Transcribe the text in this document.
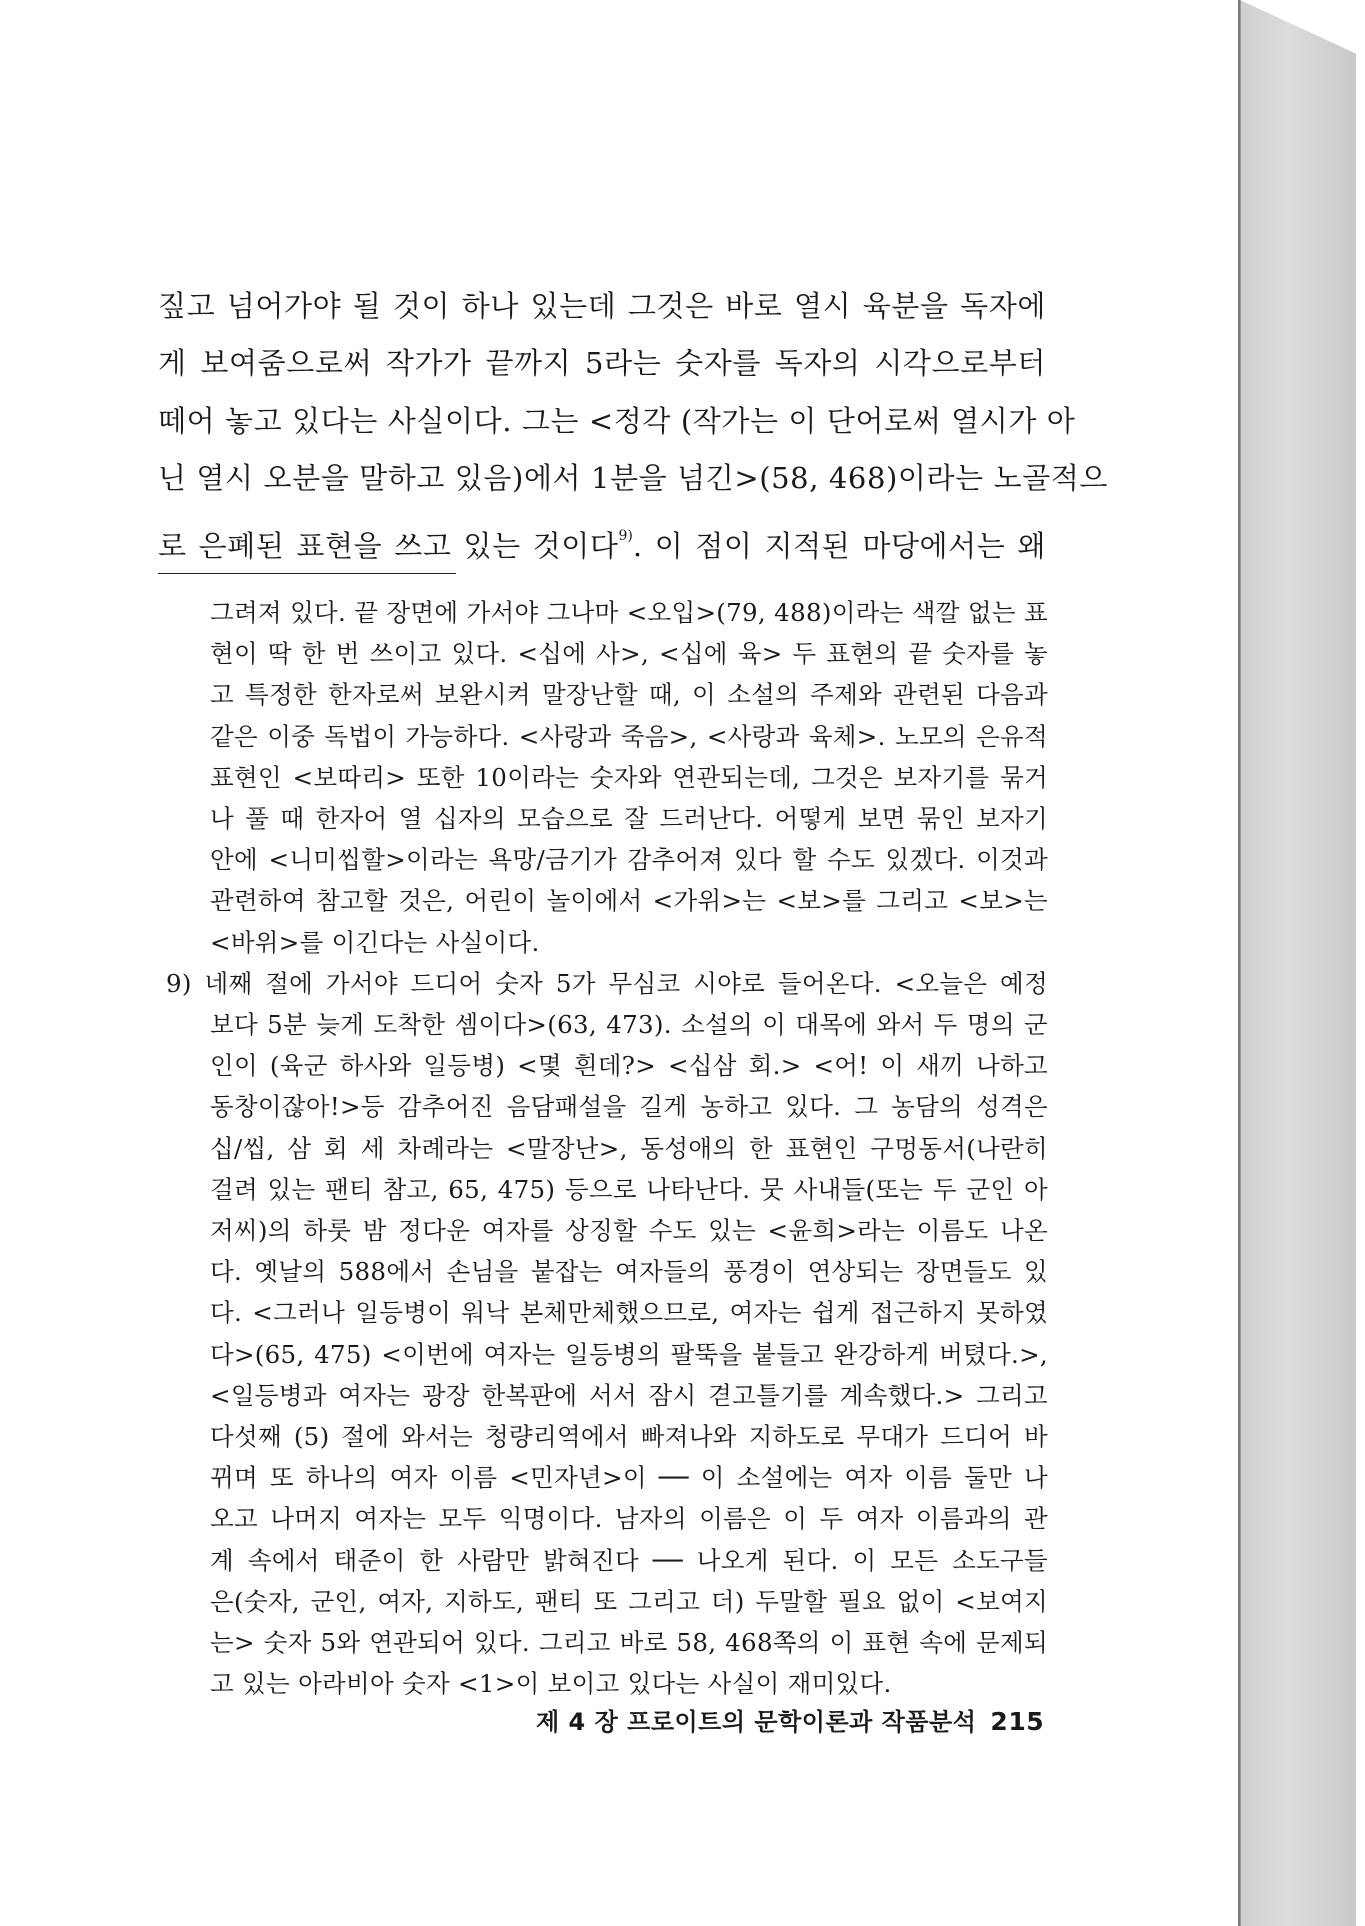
짚고 넘어가야 될 것이 하나 있는데 그것은 바로 열시 육분을 독자에
게 보여줌으로써 작가가 끝까지 5라는 숫자를 독자의 시각으로부터
떼어 놓고 있다는 사실이다. 그는 <정각 (작가는 이 단어로써 열시가 아
닌 열시 오분을 말하고 있음)에서 1분을 넘긴>(58, 468)이라는 노골적으
로 은폐된 표현을 쓰고 있는 것이다$^{9)}$. 이 점이 지적된 마당에서는 왜
그려져 있다. 끝 장면에 가서야 그나마 <오입>(79, 488)이라는 색깔 없는 표
현이 딱 한 번 쓰이고 있다. <십에 사>, <십에 육> 두 표현의 끝 숫자를 놓
고 특정한 한자로써 보완시켜 말장난할 때, 이 소설의 주제와 관련된 다음과
같은 이중 독법이 가능하다. <사랑과 죽음>, <사랑과 육체>. 노모의 은유적
표현인 <보따리> 또한 10이라는 숫자와 연관되는데, 그것은 보자기를 묶거
나 풀 때 한자어 열 십자의 모습으로 잘 드러난다. 어떻게 보면 묶인 보자기
안에 <니미씹할>이라는 욕망/금기가 감추어져 있다 할 수도 있겠다. 이것과
관련하여 참고할 것은, 어린이 놀이에서 <가위>는 <보>를 그리고 <보>는
<바위>를 이긴다는 사실이다.
9) 네째 절에 가서야 드디어 숫자 5가 무심코 시야로 들어온다. <오늘은 예정
보다 5분 늦게 도착한 셈이다>(63, 473). 소설의 이 대목에 와서 두 명의 군
인이 (육군 하사와 일등병) <몇 흰데?> <십삼 회.> <어! 이 새끼 나하고
동창이잖아!>등 감추어진 음담패설을 길게 농하고 있다. 그 농담의 성격은
십/씹, 삼 회 세 차례라는 <말장난>, 동성애의 한 표현인 구멍동서(나란히
걸려 있는 팬티 참고, 65, 475) 등으로 나타난다. 뭇 사내들(또는 두 군인 아
저씨)의 하룻 밤 정다운 여자를 상징할 수도 있는 <윤희>라는 이름도 나온
다. 옛날의 588에서 손님을 붙잡는 여자들의 풍경이 연상되는 장면들도 있
다. <그러나 일등병이 워낙 본체만체했으므로, 여자는 쉽게 접근하지 못하였
다>(65, 475) <이번에 여자는 일등병의 팔뚝을 붙들고 완강하게 버텼다.>,
<일등병과 여자는 광장 한복판에 서서 잠시 겯고틀기를 계속했다.> 그리고
다섯째 (5) 절에 와서는 청량리역에서 빠져나와 지하도로 무대가 드디어 바
뀌며 또 하나의 여자 이름 <민자년>이 ── 이 소설에는 여자 이름 둘만 나
오고 나머지 여자는 모두 익명이다. 남자의 이름은 이 두 여자 이름과의 관
계 속에서 태준이 한 사람만 밝혀진다 ── 나오게 된다. 이 모든 소도구들
은(숫자, 군인, 여자, 지하도, 팬티 또 그리고 더) 두말할 필요 없이 <보여지
는> 숫자 5와 연관되어 있다. 그리고 바로 58, 468쪽의 이 표현 속에 문제되
고 있는 아라비아 숫자 <1>이 보이고 있다는 사실이 재미있다.
제 4 장 프로이트의 문학이론과 작품분석 215
